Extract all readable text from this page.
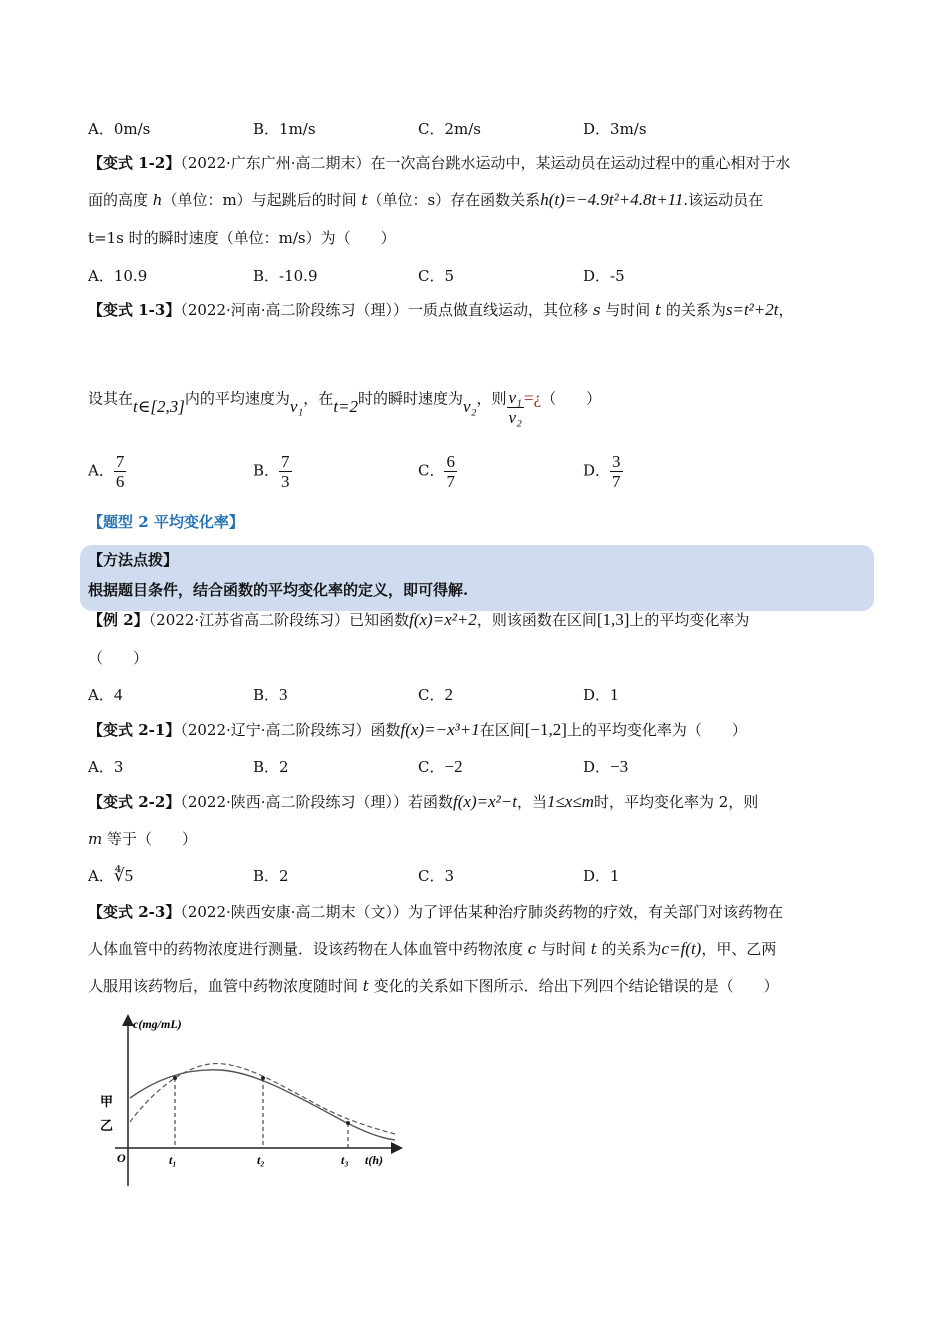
A．0m/s	B．1m/s	C．2m/s	D．3m/s
【变式 1-2】（2022·广东广州·高二期末）在一次高台跳水运动中，某运动员在运动过程中的重心相对于水
面的高度 h（单位：m）与起跳后的时间 t（单位：s）存在函数关系h(t)=−4.9t²+4.8t+11.该运动员在
t=1s 时的瞬时速度（单位：m/s）为（　　）
A．10.9	B．-10.9	C．5	D．-5
【变式 1-3】（2022·河南·高二阶段练习（理））一质点做直线运动，其位移 s 与时间 t 的关系为s=t²+2t，
设其在t∈[2,3]内的平均速度为v₁，在t=2时的瞬时速度为v₂，则 $\frac{\text{v₁}}{\text{v₂}}$ =¿（　　）
A． $\frac{7}{6}$	B． $\frac{7}{3}$	C． $\frac{6}{7}$	D． $\frac{3}{7}$
【题型 2 平均变化率】
【方法点拨】
根据题目条件，结合函数的平均变化率的定义，即可得解.
【例 2】（2022·江苏省高二阶段练习）已知函数f(x)=x²+2，则该函数在区间[1,3]上的平均变化率为
（　　）
A．4	B．3	C．2	D．1
【变式 2-1】（2022·辽宁·高二阶段练习）函数f(x)=−x³+1在区间[−1,2]上的平均变化率为（　　）
A．3	B．2	C．−2	D．−3
【变式 2-2】（2022·陕西·高二阶段练习（理））若函数f(x)=x²−t，当1≤x≤m时，平均变化率为 2，则
m 等于（　　）
A．∜5	B．2	C．3	D．1
【变式 2-3】（2022·陕西安康·高二期末（文））为了评估某种治疗肺炎药物的疗效，有关部门对该药物在
人体血管中的药物浓度进行测量．设该药物在人体血管中药物浓度 c 与时间 t 的关系为c=f(t)，甲、乙两
人服用该药物后，血管中药物浓度随时间 t 变化的关系如下图所示．给出下列四个结论错误的是（　　）
c(mg/mL)
甲
乙
O	t₁	t₂	t₃ t(h)
